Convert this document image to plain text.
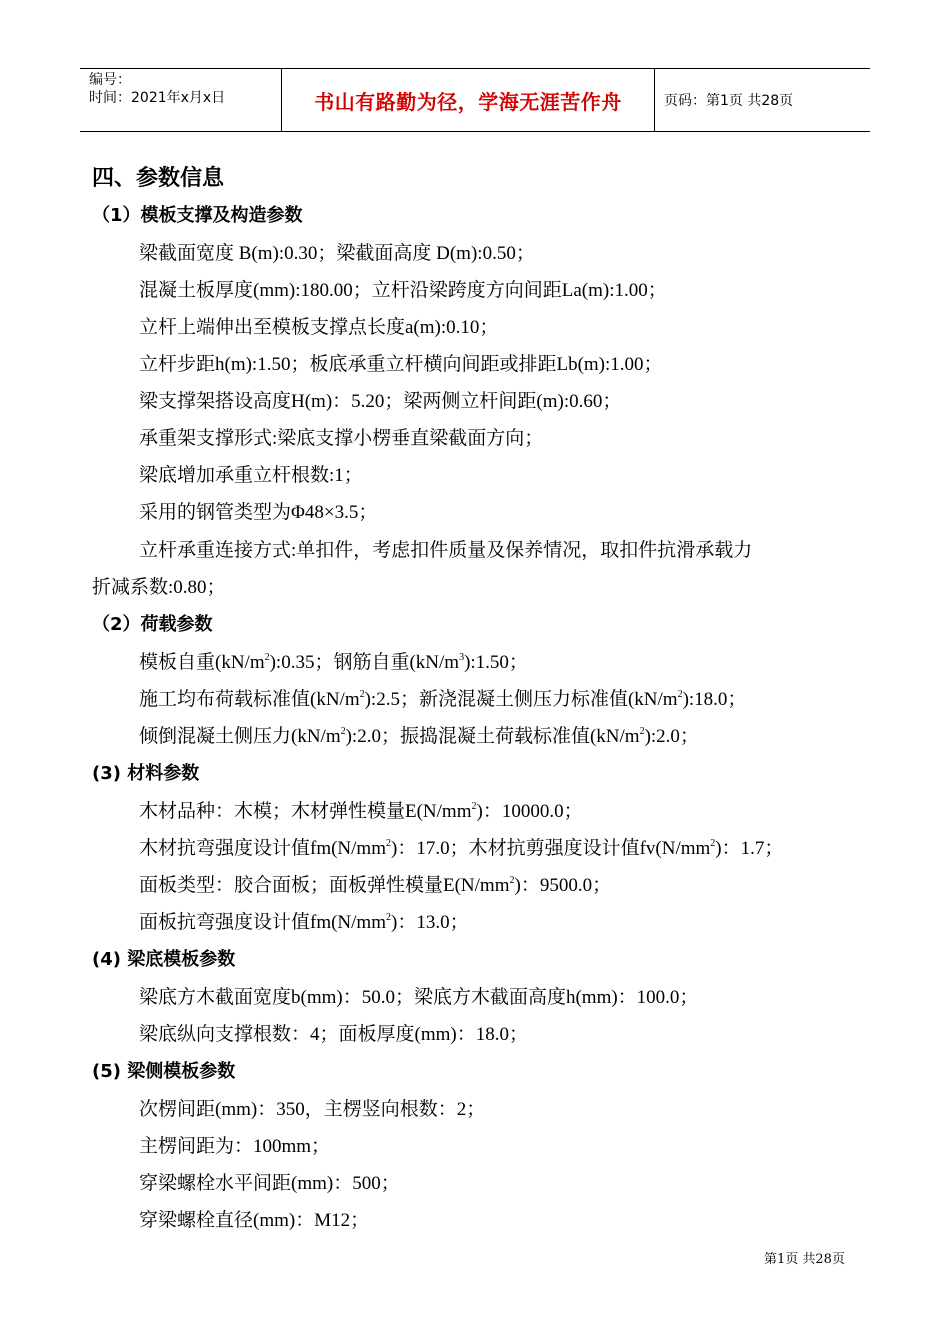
编号：
时间：2021年x月x日	书山有路勤为径，学海无涯苦作舟	页码：第1页 共28页
四、参数信息
（1）模板支撑及构造参数
梁截面宽度 B(m):0.30；梁截面高度 D(m):0.50；
混凝土板厚度(mm):180.00；立杆沿梁跨度方向间距La(m):1.00；
立杆上端伸出至模板支撑点长度a(m):0.10；
立杆步距h(m):1.50；板底承重立杆横向间距或排距Lb(m):1.00；
梁支撑架搭设高度H(m)：5.20；梁两侧立杆间距(m):0.60；
承重架支撑形式:梁底支撑小楞垂直梁截面方向；
梁底增加承重立杆根数:1；
采用的钢管类型为Φ48×3.5；
立杆承重连接方式:单扣件，考虑扣件质量及保养情况，取扣件抗滑承载力
折减系数:0.80；
（2）荷载参数
模板自重$(kN/m^2):0.35$；钢筋自重$(kN/m^3):1.50$；
施工均布荷载标准值$(kN/m^2):2.5$；新浇混凝土侧压力标准值$(kN/m^2):18.0$；
倾倒混凝土侧压力$(kN/m^2):2.0$；振捣混凝土荷载标准值$(kN/m^2):2.0$；
(3) 材料参数
木材品种：木模；木材弹性模量$E(N/mm^2)$：10000.0；
木材抗弯强度设计值$fm(N/mm^2)$：17.0；木材抗剪强度设计值$fv(N/mm^2)$：1.7；
面板类型：胶合面板；面板弹性模量$E(N/mm^2)$：9500.0；
面板抗弯强度设计值$fm(N/mm^2)$：13.0；
(4) 梁底模板参数
梁底方木截面宽度b(mm)：50.0；梁底方木截面高度h(mm)：100.0；
梁底纵向支撑根数：4；面板厚度(mm)：18.0；
(5) 梁侧模板参数
次楞间距(mm)：350，主楞竖向根数：2；
主楞间距为：100mm；
穿梁螺栓水平间距(mm)：500；
穿梁螺栓直径(mm)：M12；
第1页 共28页
